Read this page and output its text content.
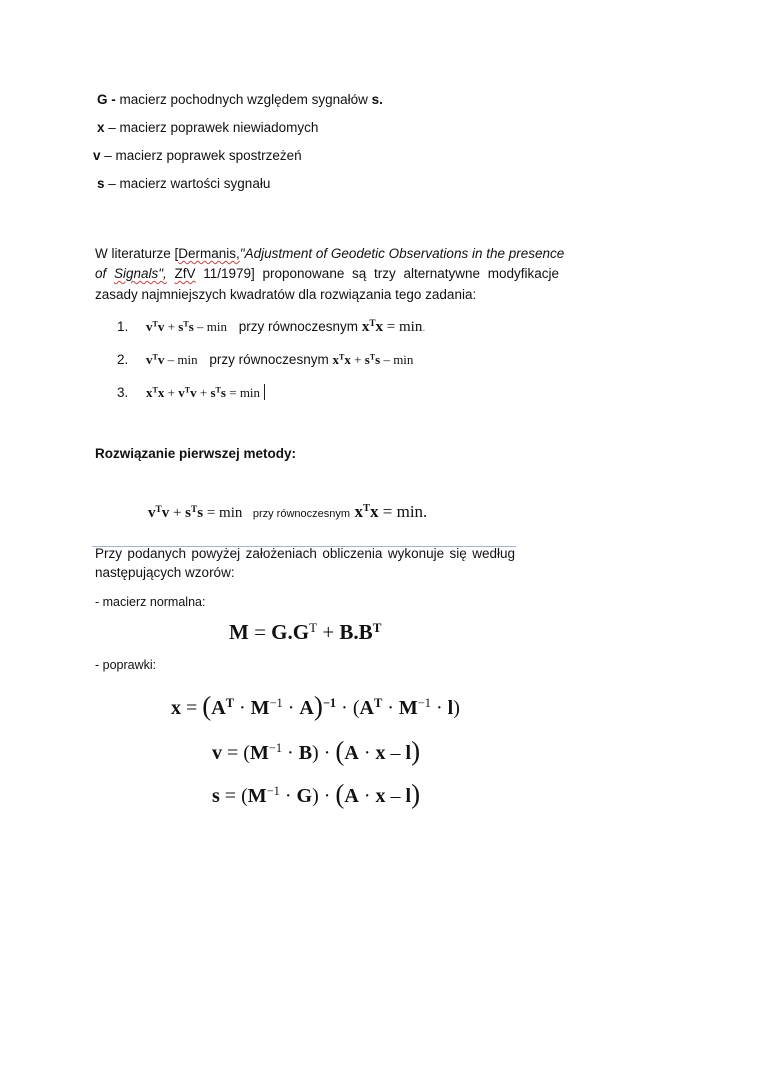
G - macierz pochodnych względem sygnałów s.
x – macierz poprawek niewiadomych
v – macierz poprawek spostrzeżeń
s – macierz wartości sygnału
W literaturze [Dermanis,"Adjustment of Geodetic Observations in the presence
of Signals", ZfV 11/1979] proponowane są trzy alternatywne modyfikacje
zasady najmniejszych kwadratów dla rozwiązania tego zadania:
1. $v^Tv + s^Ts - \min$ przy równoczesnym $x^Tx = \min$.
2. $v^Tv$ – min przy równoczesnym $x^Tx + s^Ts - \min$
3. $x^Tx + v^Tv + s^Ts = \min$
Rozwiązanie pierwszej metody:
$v^Tv + s^Ts = \min$ przy równoczesnym $x^Tx = \min$.
Przy podanych powyżej założeniach obliczenia wykonuje się według
następujących wzorów:
- macierz normalna:
$M = G.G^T + B.B^T$
- poprawki:
$x = (A^T \cdot M^{-1} \cdot A)^{-1} \cdot (A^T \cdot M^{-1} \cdot l)$
$v = (M^{-1} \cdot B) \cdot (A \cdot x - l)$
$s = (M^{-1} \cdot G) \cdot (A \cdot x - l)$
